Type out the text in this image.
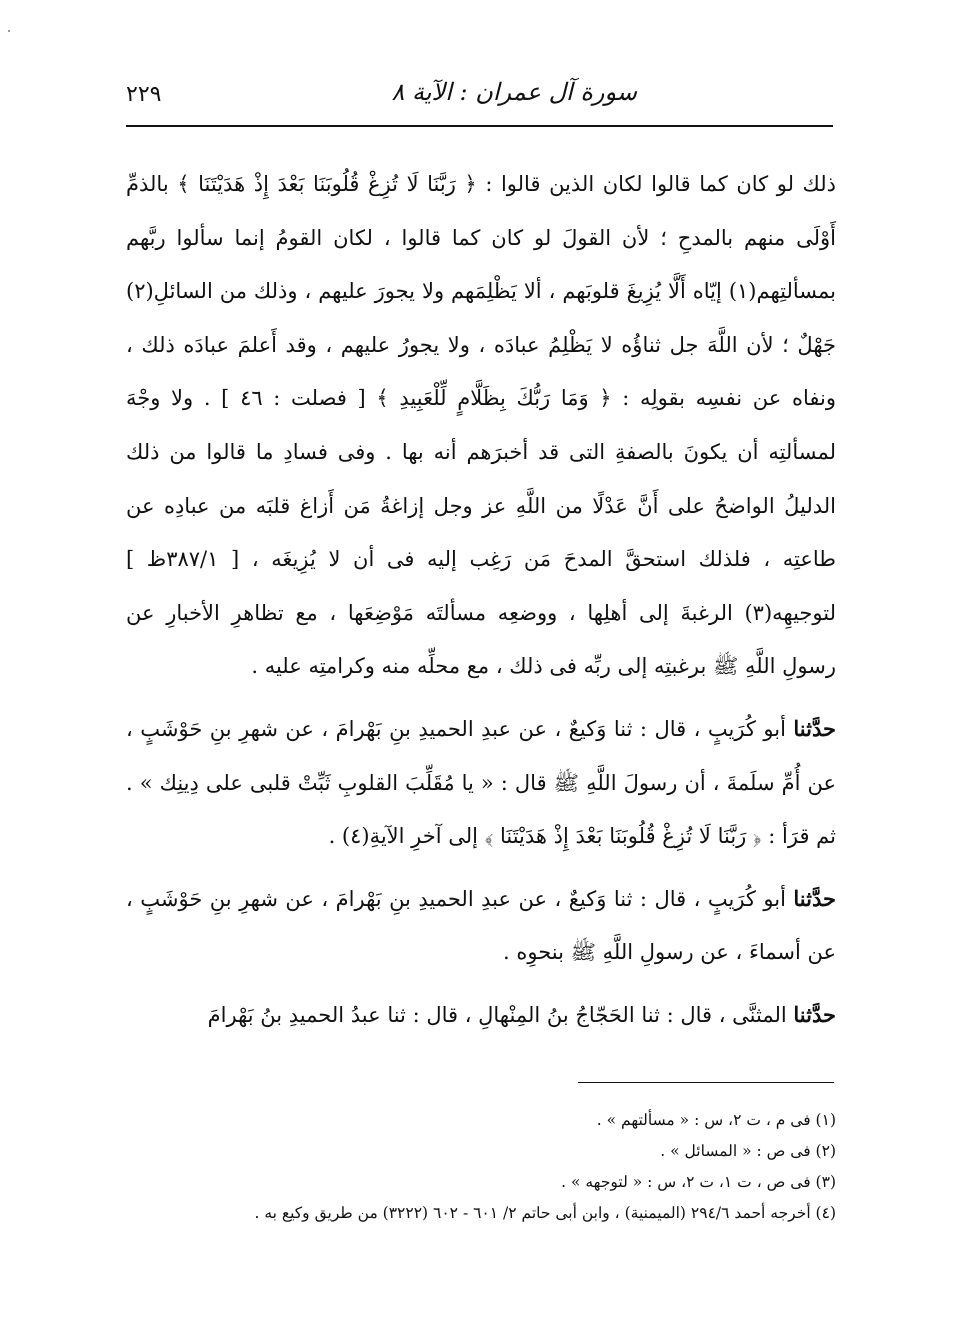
٢٢٩	سورة آل عمران : الآية ٨

ذلك لو كان كما قالوا لكان الذين قالوا : ﴿ رَبَّنَا لَا تُزِغْ قُلُوبَنَا بَعْدَ إِذْ هَدَيْتَنَا ﴾ بالذمِّ أَوْلَى منهم بالمدحِ ؛ لأن القولَ لو كان كما قالوا ، لكان القومُ إنما سألوا ربَّهم بمسألتِهم(١) إيّاه أَلَّا يُزِيغَ قلوبَهم ، ألا يَظْلِمَهم ولا يجورَ عليهم ، وذلك من السائلِ(٢) جَهْلٌ ؛ لأن اللَّهَ جل ثناؤُه لا يَظْلِمُ عبادَه ، ولا يجورُ عليهم ، وقد أَعلمَ عبادَه ذلك ، ونفاه عن نفسِه بقولِه : ﴿ وَمَا رَبُّكَ بِظَلَّامٍ لِّلْعَبِيدِ ﴾ [ فصلت : ٤٦ ] . ولا وجْهَ لمسألتِه أن يكونَ بالصفةِ التى قد أخبرَهم أنه بها . وفى فسادِ ما قالوا من ذلك الدليلُ الواضحُ على أَنَّ عَدْلًا من اللَّهِ عز وجل إزاغةُ مَن أَزاغ قلبَه من عبادِه عن طاعتِه ، فلذلك استحقَّ المدحَ مَن رَغِب إليه فى أن لا يُزِيغَه ، [ ٣٨٧/١ظ ] لتوجيهِه(٣) الرغبةَ إلى أهلِها ، ووضعِه مسألتَه مَوْضِعَها ، مع تظاهرِ الأخبارِ عن رسولِ اللَّهِ ﷺ برغبتِه إلى ربِّه فى ذلك ، مع محلِّه منه وكرامتِه عليه .

حدَّثنا أبو كُرَيبٍ ، قال : ثنا وَكيعٌ ، عن عبدِ الحميدِ بنِ بَهْرامَ ، عن شهرِ بنِ حَوْشَبٍ ، عن أُمِّ سلَمةَ ، أن رسولَ اللَّهِ ﷺ قال : « يا مُقَلِّبَ القلوبِ ثَبِّتْ قلبى على دِينِك » . ثم قرَأ : ﴿ رَبَّنَا لَا تُزِغْ قُلُوبَنَا بَعْدَ إِذْ هَدَيْتَنَا ﴾ إلى آخرِ الآيةِ(٤) .

حدَّثنا أبو كُرَيبٍ ، قال : ثنا وَكيعٌ ، عن عبدِ الحميدِ بنِ بَهْرامَ ، عن شهرِ بنِ حَوْشَبٍ ، عن أسماءَ ، عن رسولِ اللَّهِ ﷺ بنحوِه .

حدَّثنا المثنَّى ، قال : ثنا الحَجّاجُ بنُ المِنْهالِ ، قال : ثنا عبدُ الحميدِ بنُ بَهْرامَ

(١) فى م ، ت ٢، س : « مسألتهم » .

(٢) فى ص : « المسائل » .

(٣) فى ص ، ت ١، ت ٢، س : « لتوجهه » .

(٤) أخرجه أحمد ٢٩٤/٦ (الميمنية) ، وابن أبى حاتم ٢/ ٦٠١ - ٦٠٢ (٣٢٢٢) من طريق وكيع به .
